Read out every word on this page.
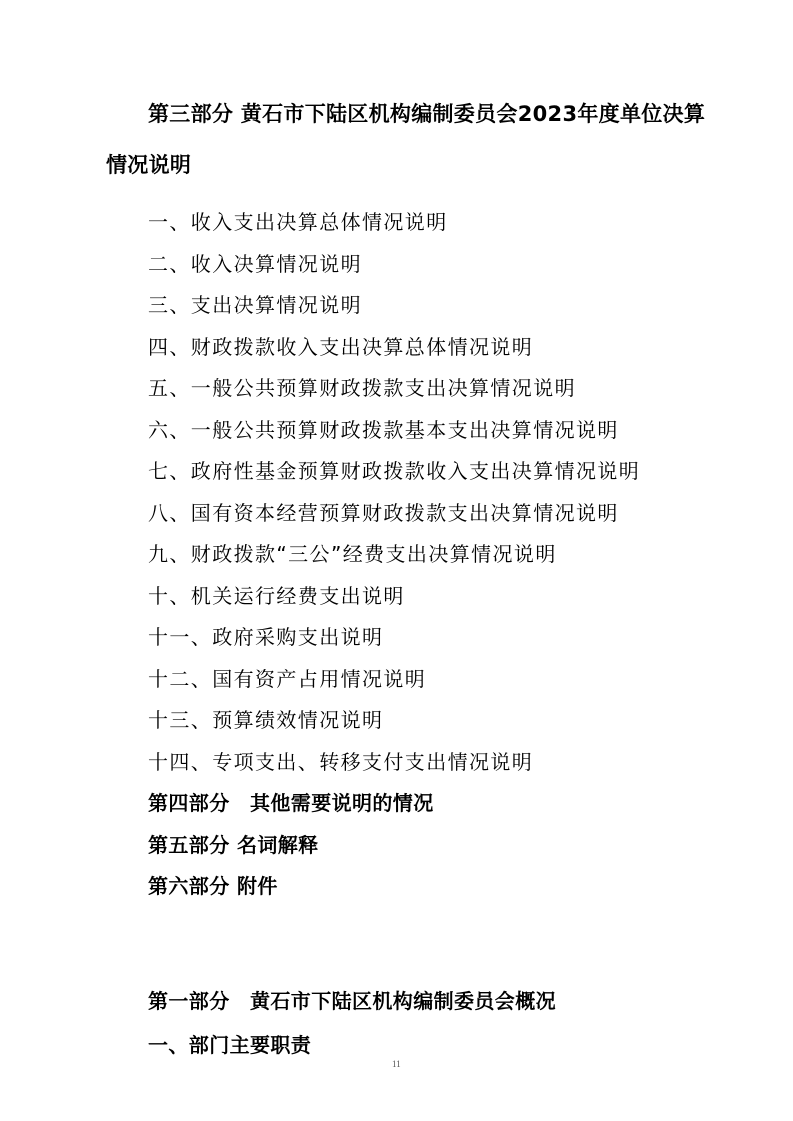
第三部分 黄石市下陆区机构编制委员会2023年度单位决算
情况说明
一、收入支出决算总体情况说明
二、收入决算情况说明
三、支出决算情况说明
四、财政拨款收入支出决算总体情况说明
五、一般公共预算财政拨款支出决算情况说明
六、一般公共预算财政拨款基本支出决算情况说明
七、政府性基金预算财政拨款收入支出决算情况说明
八、国有资本经营预算财政拨款支出决算情况说明
九、财政拨款“三公”经费支出决算情况说明
十、机关运行经费支出说明
十一、政府采购支出说明
十二、国有资产占用情况说明
十三、预算绩效情况说明
十四、专项支出、转移支付支出情况说明
第四部分　其他需要说明的情况
第五部分 名词解释
第六部分 附件
第一部分　黄石市下陆区机构编制委员会概况
一、部门主要职责
11
